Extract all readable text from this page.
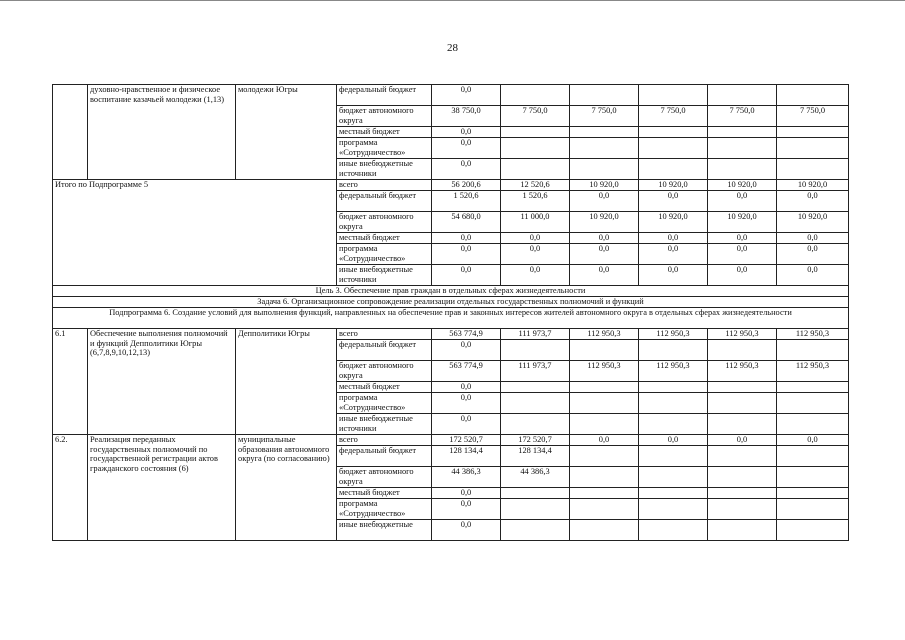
28
	духовно-нравственное и физическое воспитание казачьей молодежи (1,13)	молодежи Югры	федеральный бюджет	0,0					
			бюджет автономного округа	38 750,0	7 750,0	7 750,0	7 750,0	7 750,0	7 750,0
			местный бюджет	0,0					
			программа «Сотрудничество»	0,0					
			иные внебюджетные источники	0,0					
Итого по Подпрограмме 5			всего	56 200,6	12 520,6	10 920,0	10 920,0	10 920,0	10 920,0
			федеральный бюджет	1 520,6	1 520,6	0,0	0,0	0,0	0,0
			бюджет автономного округа	54 680,0	11 000,0	10 920,0	10 920,0	10 920,0	10 920,0
			местный бюджет	0,0	0,0	0,0	0,0	0,0	0,0
			программа «Сотрудничество»	0,0	0,0	0,0	0,0	0,0	0,0
			иные внебюджетные источники	0,0	0,0	0,0	0,0	0,0	0,0
Цель 3. Обеспечение прав граждан в отдельных сферах жизнедеятельности									
Задача 6. Организационное сопровождение реализации отдельных государственных полномочий и функций									
Подпрограмма 6. Создание условий для выполнения функций, направленных на обеспечение прав и законных интересов жителей автономного округа в отдельных сферах жизнедеятельности									
6.1	Обеспечение выполнения полномочий и функций Депполитики Югры (6,7,8,9,10,12,13)	Депполитики Югры	всего	563 774,9	111 973,7	112 950,3	112 950,3	112 950,3	112 950,3
			федеральный бюджет	0,0					
			бюджет автономного округа	563 774,9	111 973,7	112 950,3	112 950,3	112 950,3	112 950,3
			местный бюджет	0,0					
			программа «Сотрудничество»	0,0					
			иные внебюджетные источники	0,0					
6.2.	Реализация переданных государственных полномочий по государственной регистрации актов гражданского состояния (6)	муниципальные образования автономного округа (по согласованию)	всего	172 520,7	172 520,7	0,0	0,0	0,0	0,0
			федеральный бюджет	128 134,4	128 134,4				
			бюджет автономного округа	44 386,3	44 386,3				
			местный бюджет	0,0					
			программа «Сотрудничество»	0,0					
			иные внебюджетные	0,0					
